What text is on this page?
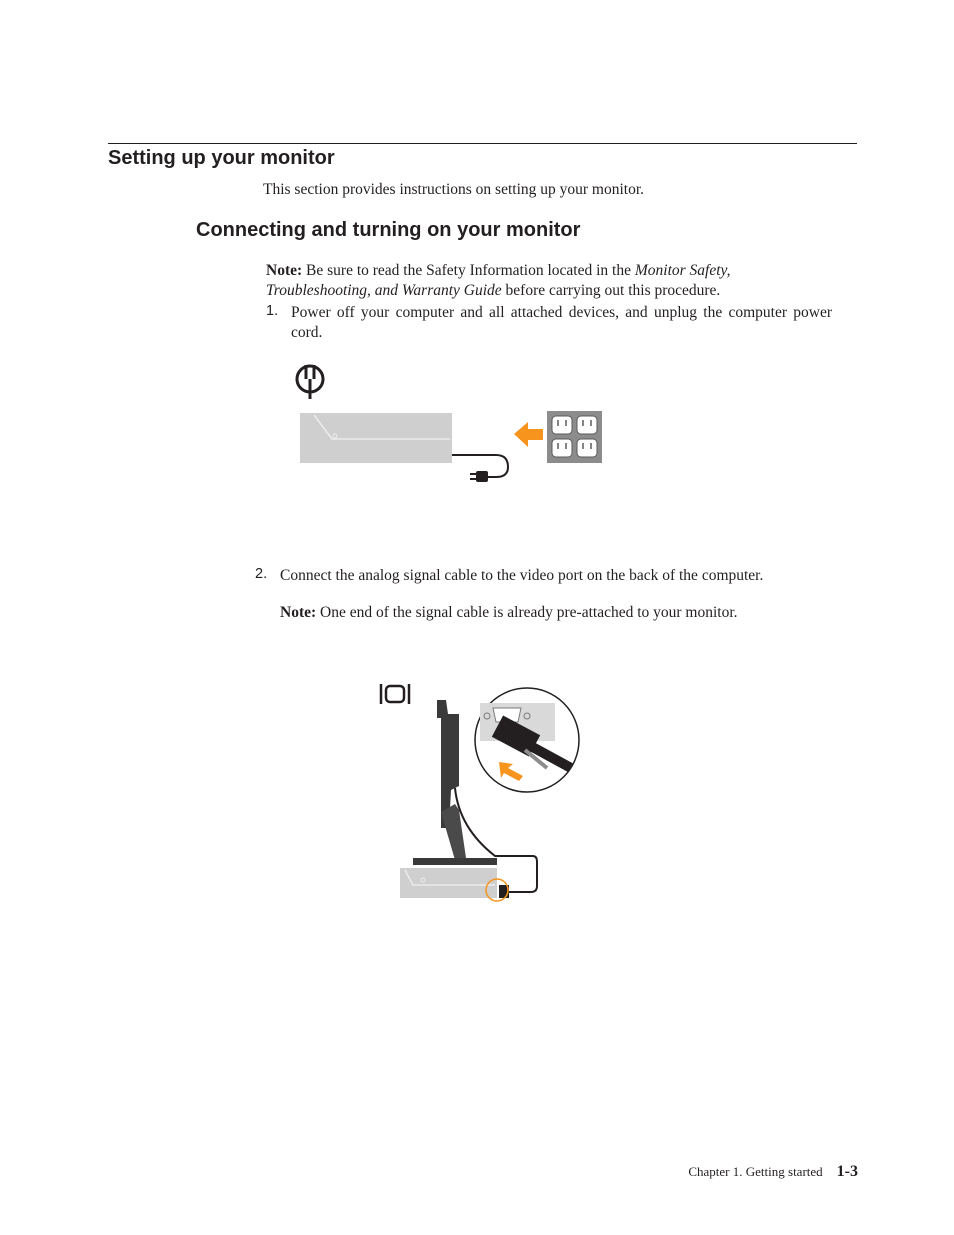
Setting up your monitor

This section provides instructions on setting up your monitor.

Connecting and turning on your monitor

Note: Be sure to read the Safety Information located in the Monitor Safety, Troubleshooting, and Warranty Guide before carrying out this procedure.

1. Power off your computer and all attached devices, and unplug the computer power cord.

2. Connect the analog signal cable to the video port on the back of the computer.

Note: One end of the signal cable is already pre-attached to your monitor.

Chapter 1. Getting started 1-3
